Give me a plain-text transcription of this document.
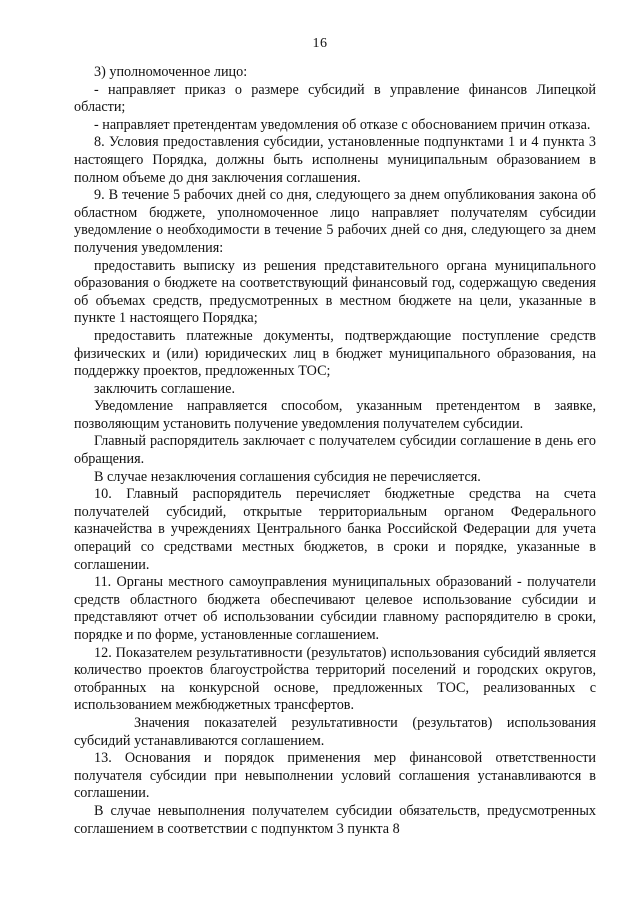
16

3) уполномоченное лицо:

- направляет приказ о размере субсидий в управление финансов Липецкой области;

- направляет претендентам уведомления об отказе с обоснованием причин отказа.

8. Условия предоставления субсидии, установленные подпунктами 1 и 4 пункта 3 настоящего Порядка, должны быть исполнены муниципальным образованием в полном объеме до дня заключения соглашения.

9. В течение 5 рабочих дней со дня, следующего за днем опубликования закона об областном бюджете, уполномоченное лицо направляет получателям субсидии уведомление о необходимости в течение 5 рабочих дней со дня, следующего за днем получения уведомления:

предоставить выписку из решения представительного органа муниципального образования о бюджете на соответствующий финансовый год, содержащую сведения об объемах средств, предусмотренных в местном бюджете на цели, указанные в пункте 1 настоящего Порядка;

предоставить платежные документы, подтверждающие поступление средств физических и (или) юридических лиц в бюджет муниципального образования, на поддержку проектов, предложенных ТОС;

заключить соглашение.

Уведомление направляется способом, указанным претендентом в заявке, позволяющим установить получение уведомления получателем субсидии.

Главный распорядитель заключает с получателем субсидии соглашение в день его обращения.

В случае незаключения соглашения субсидия не перечисляется.

10. Главный распорядитель перечисляет бюджетные средства на счета получателей субсидий, открытые территориальным органом Федерального казначейства в учреждениях Центрального банка Российской Федерации для учета операций со средствами местных бюджетов, в сроки и порядке, указанные в соглашении.

11. Органы местного самоуправления муниципальных образований - получатели средств областного бюджета обеспечивают целевое использование субсидии и представляют отчет об использовании субсидии главному распорядителю в сроки, порядке и по форме, установленные соглашением.

12. Показателем результативности (результатов) использования субсидий является количество проектов благоустройства территорий поселений и городских округов, отобранных на конкурсной основе, предложенных ТОС, реализованных с использованием межбюджетных трансфертов.

Значения показателей результативности (результатов) использования субсидий устанавливаются соглашением.

13. Основания и порядок применения мер финансовой ответственности получателя субсидии при невыполнении условий соглашения устанавливаются в соглашении.

В случае невыполнения получателем субсидии обязательств, предусмотренных соглашением в соответствии с подпунктом 3 пункта 8
